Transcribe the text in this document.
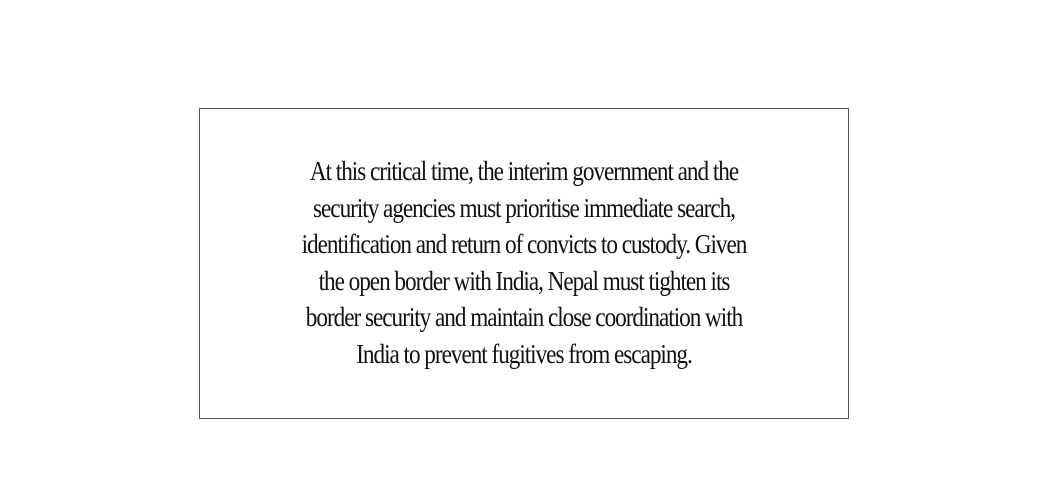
At this critical time, the interim government and the
security agencies must prioritise immediate search,
identification and return of convicts to custody. Given
the open border with India, Nepal must tighten its
border security and maintain close coordination with
India to prevent fugitives from escaping.
